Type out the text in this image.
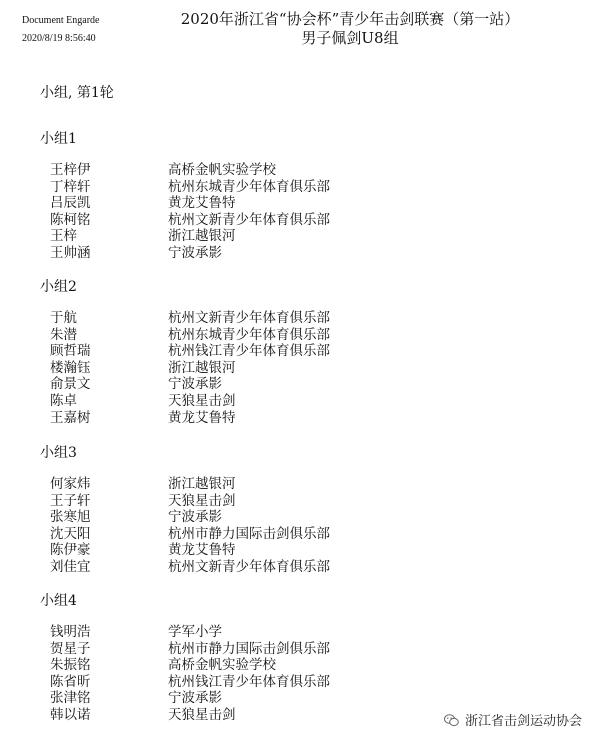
Document Engarde
2020/8/19 8:56:40
2020年浙江省“协会杯”青少年击剑联赛（第一站）
男子佩剑U8组
小组, 第1轮
小组1
王梓伊	高桥金帆实验学校
丁梓轩	杭州东城青少年体育俱乐部
吕辰凯	黄龙艾鲁特
陈柯铭	杭州文新青少年体育俱乐部
王梓	浙江越银河
王帅涵	宁波承影
小组2
于航	杭州文新青少年体育俱乐部
朱潜	杭州东城青少年体育俱乐部
顾哲瑞	杭州钱江青少年体育俱乐部
楼瀚钰	浙江越银河
俞景文	宁波承影
陈卓	天狼星击剑
王嘉树	黄龙艾鲁特
小组3
何家炜	浙江越银河
王子轩	天狼星击剑
张寒旭	宁波承影
沈天阳	杭州市静力国际击剑俱乐部
陈伊豪	黄龙艾鲁特
刘佳宜	杭州文新青少年体育俱乐部
小组4
钱明浩	学军小学
贺星子	杭州市静力国际击剑俱乐部
朱振铭	高桥金帆实验学校
陈省昕	杭州钱江青少年体育俱乐部
张津铭	宁波承影
韩以诺	天狼星击剑	浙江省击剑运动协会
